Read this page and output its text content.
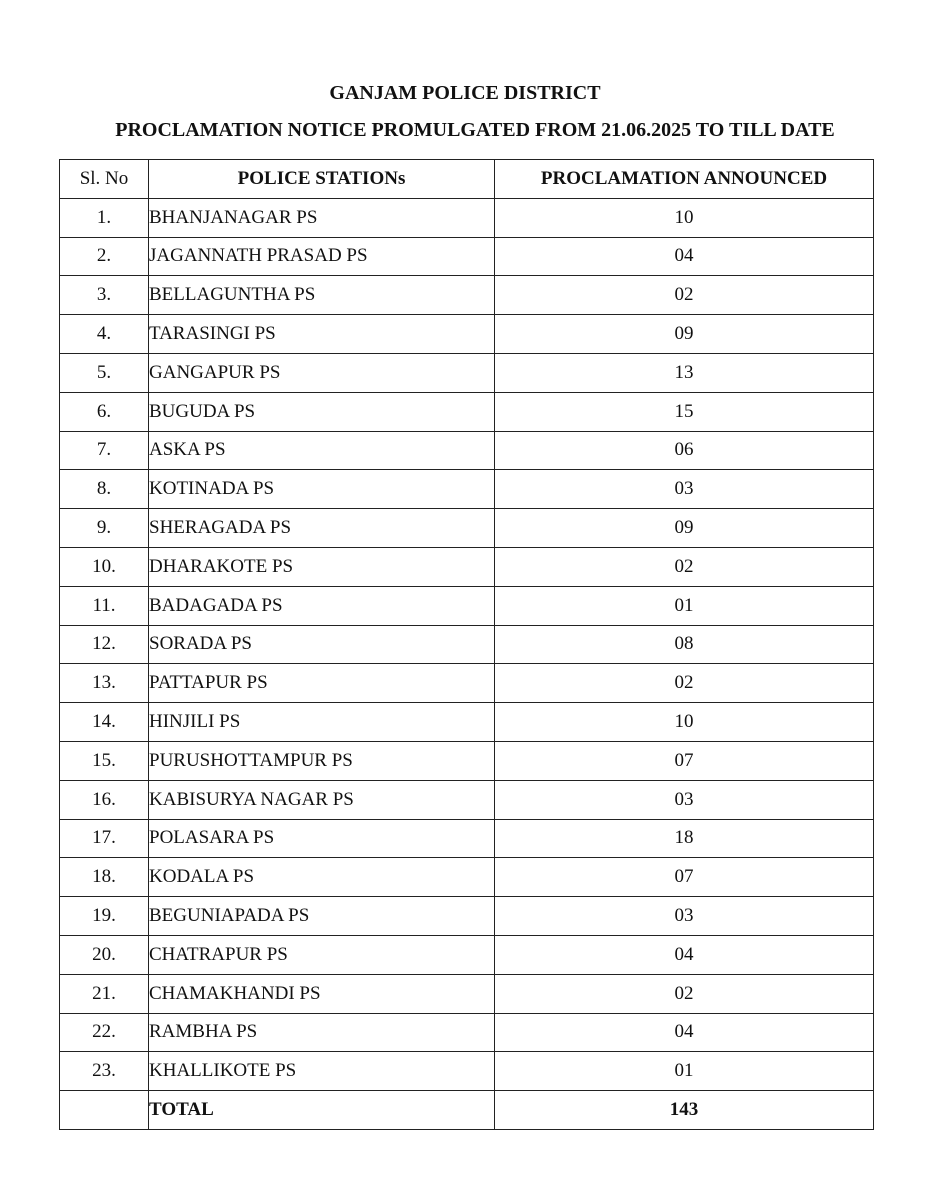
GANJAM POLICE DISTRICT
PROCLAMATION NOTICE PROMULGATED FROM 21.06.2025 TO TILL DATE
Sl. No	POLICE STATIONs	PROCLAMATION ANNOUNCED
1.	BHANJANAGAR PS	10
2.	JAGANNATH PRASAD PS	04
3.	BELLAGUNTHA PS	02
4.	TARASINGI PS	09
5.	GANGAPUR PS	13
6.	BUGUDA PS	15
7.	ASKA PS	06
8.	KOTINADA PS	03
9.	SHERAGADA PS	09
10.	DHARAKOTE PS	02
11.	BADAGADA PS	01
12.	SORADA PS	08
13.	PATTAPUR PS	02
14.	HINJILI PS	10
15.	PURUSHOTTAMPUR PS	07
16.	KABISURYA NAGAR PS	03
17.	POLASARA PS	18
18.	KODALA PS	07
19.	BEGUNIAPADA PS	03
20.	CHATRAPUR PS	04
21.	CHAMAKHANDI PS	02
22.	RAMBHA PS	04
23.	KHALLIKOTE PS	01
	TOTAL	143
